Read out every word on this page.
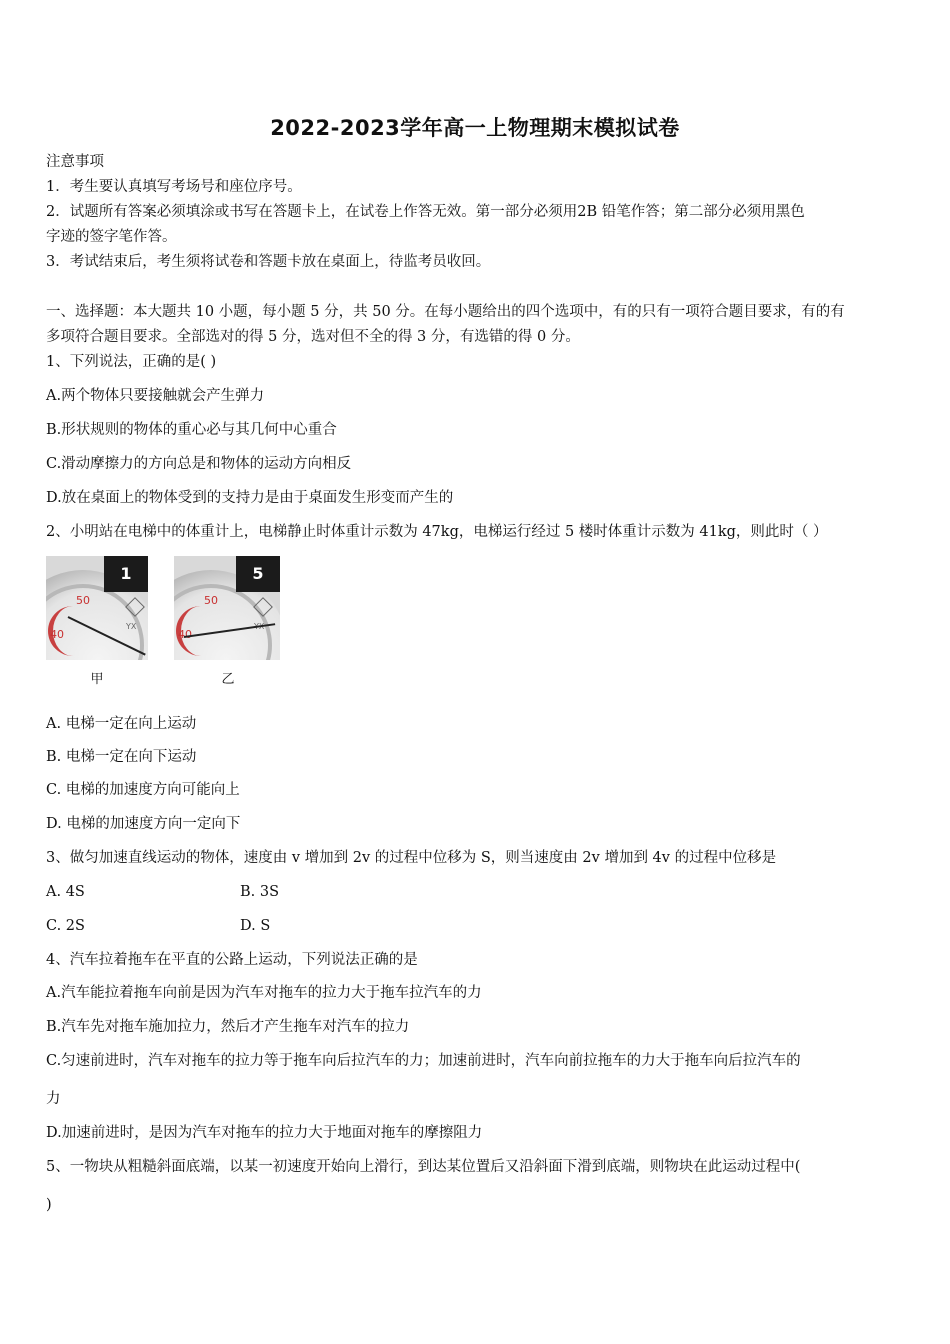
2022-2023学年高一上物理期末模拟试卷
注意事项
1．考生要认真填写考场号和座位序号。
2．试题所有答案必须填涂或书写在答题卡上，在试卷上作答无效。第一部分必须用2B 铅笔作答；第二部分必须用黑色
字迹的签字笔作答。
3．考试结束后，考生须将试卷和答题卡放在桌面上，待监考员收回。
一、选择题：本大题共 10 小题，每小题 5 分，共 50 分。在每小题给出的四个选项中，有的只有一项符合题目要求，有的有
多项符合题目要求。全部选对的得 5 分，选对但不全的得 3 分，有选错的得 0 分。
1、下列说法，正确的是( )
A.两个物体只要接触就会产生弹力
B.形状规则的物体的重心必与其几何中心重合
C.滑动摩擦力的方向总是和物体的运动方向相反
D.放在桌面上的物体受到的支持力是由于桌面发生形变而产生的
2、小明站在电梯中的体重计上，电梯静止时体重计示数为 47kg，电梯运行经过 5 楼时体重计示数为 41kg，则此时（ ）
50
40
YX
1
甲
50
40
5
乙
A. 电梯一定在向上运动
B. 电梯一定在向下运动
C. 电梯的加速度方向可能向上
D. 电梯的加速度方向一定向下
3、做匀加速直线运动的物体，速度由 v 增加到 2v 的过程中位移为 S，则当速度由 2v 增加到 4v 的过程中位移是
A. 4S	B. 3S
C. 2S	D. S
4、汽车拉着拖车在平直的公路上运动，下列说法正确的是
A.汽车能拉着拖车向前是因为汽车对拖车的拉力大于拖车拉汽车的力
B.汽车先对拖车施加拉力，然后才产生拖车对汽车的拉力
C.匀速前进时，汽车对拖车的拉力等于拖车向后拉汽车的力；加速前进时，汽车向前拉拖车的力大于拖车向后拉汽车的
力
D.加速前进时，是因为汽车对拖车的拉力大于地面对拖车的摩擦阻力
5、一物块从粗糙斜面底端，以某一初速度开始向上滑行，到达某位置后又沿斜面下滑到底端，则物块在此运动过程中(
)
